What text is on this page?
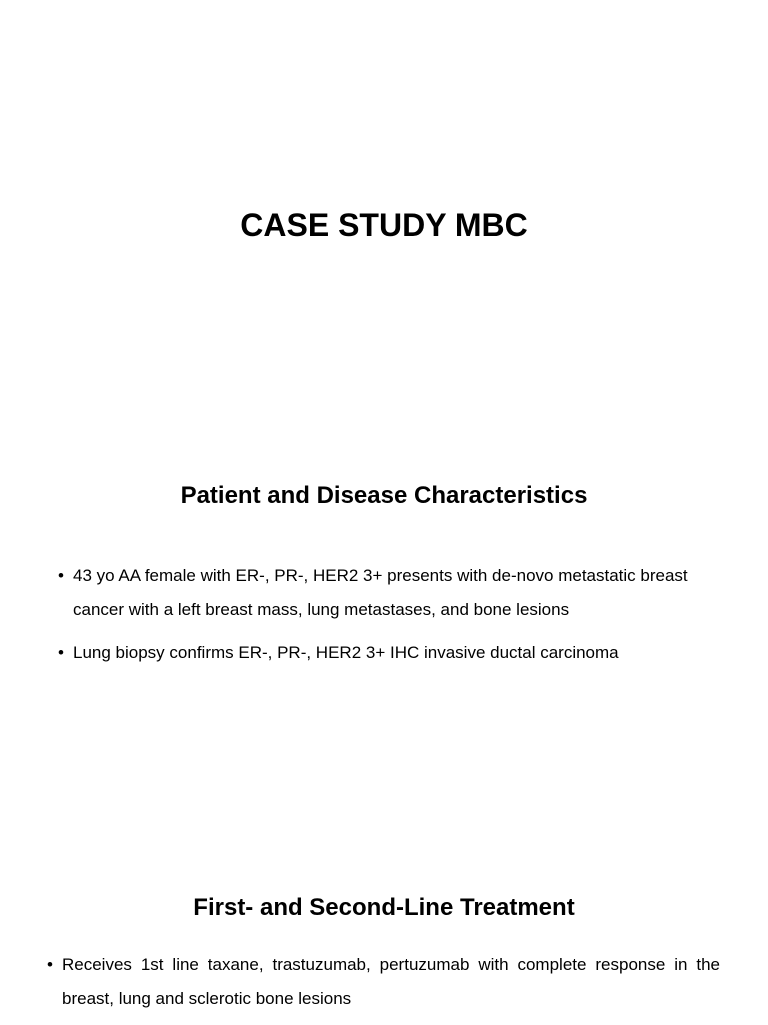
CASE STUDY MBC
Patient and Disease Characteristics
• 43 yo AA female with ER-, PR-, HER2 3+ presents with de-novo metastatic breast cancer with a left breast mass, lung metastases, and bone lesions
• Lung biopsy confirms ER-, PR-, HER2 3+ IHC invasive ductal carcinoma
First- and Second-Line Treatment
• Receives 1st line taxane, trastuzumab, pertuzumab with complete response in the breast, lung and sclerotic bone lesions
